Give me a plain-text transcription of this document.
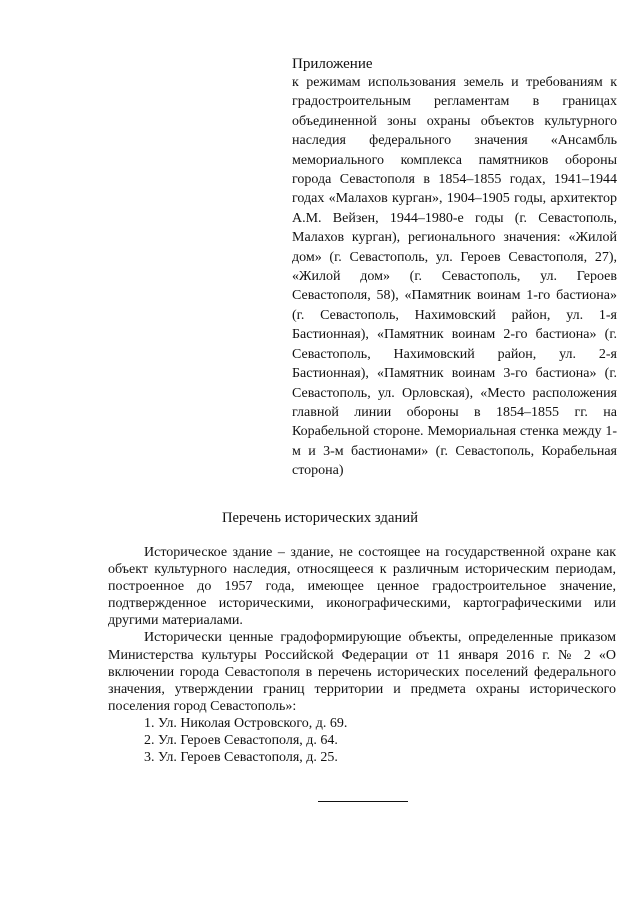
Приложение
к режимам использования земель и требованиям к градостроительным регламентам в границах объединенной зоны охраны объектов культурного наследия федерального значения «Ансамбль мемориального комплекса памятников обороны города Севастополя в 1854–1855 годах, 1941–1944 годах «Малахов курган», 1904–1905 годы, архитектор А.М. Вейзен, 1944–1980-е годы (г. Севастополь, Малахов курган), регионального значения: «Жилой дом» (г. Севастополь, ул. Героев Севастополя, 27), «Жилой дом» (г. Севастополь, ул. Героев Севастополя, 58), «Памятник воинам 1-го бастиона» (г. Севастополь, Нахимовский район, ул. 1-я Бастионная), «Памятник воинам 2-го бастиона» (г. Севастополь, Нахимовский район, ул. 2-я Бастионная), «Памятник воинам 3-го бастиона» (г. Севастополь, ул. Орловская), «Место расположения главной линии обороны в 1854–1855 гг. на Корабельной стороне. Мемориальная стенка между 1-м и 3-м бастионами» (г. Севастополь, Корабельная сторона)
Перечень исторических зданий

Историческое здание – здание, не состоящее на государственной охране как объект культурного наследия, относящееся к различным историческим периодам, построенное до 1957 года, имеющее ценное градостроительное значение, подтвержденное историческими, иконографическими, картографическими или другими материалами.

Исторически ценные градоформирующие объекты, определенные приказом Министерства культуры Российской Федерации от 11 января 2016 г. № 2 «О включении города Севастополя в перечень исторических поселений федерального значения, утверждении границ территории и предмета охраны исторического поселения город Севастополь»:

1. Ул. Николая Островского, д. 69.
2. Ул. Героев Севастополя, д. 64.
3. Ул. Героев Севастополя, д. 25.
